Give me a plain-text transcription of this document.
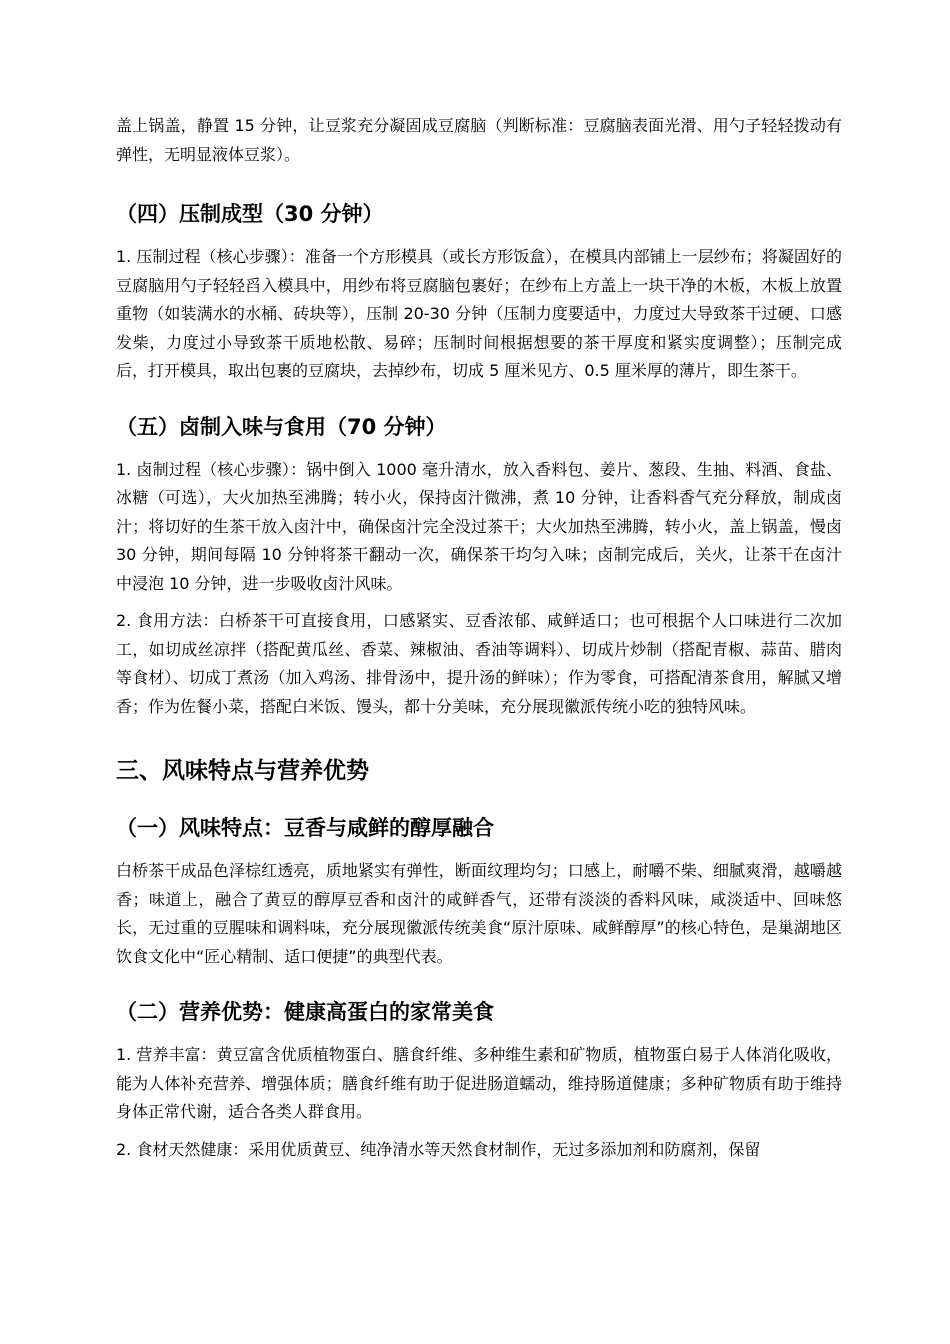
盖上锅盖，静置 15 分钟，让豆浆充分凝固成豆腐脑（判断标准：豆腐脑表面光滑、用勺子轻轻拨动有弹性，无明显液体豆浆）。

（四）压制成型（30 分钟）

1. 压制过程（核心步骤）：准备一个方形模具（或长方形饭盒），在模具内部铺上一层纱布；将凝固好的豆腐脑用勺子轻轻舀入模具中，用纱布将豆腐脑包裹好；在纱布上方盖上一块干净的木板，木板上放置重物（如装满水的水桶、砖块等），压制 20-30 分钟（压制力度要适中，力度过大导致茶干过硬、口感发柴，力度过小导致茶干质地松散、易碎；压制时间根据想要的茶干厚度和紧实度调整）；压制完成后，打开模具，取出包裹的豆腐块，去掉纱布，切成 5 厘米见方、0.5 厘米厚的薄片，即生茶干。

（五）卤制入味与食用（70 分钟）

1. 卤制过程（核心步骤）：锅中倒入 1000 毫升清水，放入香料包、姜片、葱段、生抽、料酒、食盐、冰糖（可选），大火加热至沸腾；转小火，保持卤汁微沸，煮 10 分钟，让香料香气充分释放，制成卤汁；将切好的生茶干放入卤汁中，确保卤汁完全没过茶干；大火加热至沸腾，转小火，盖上锅盖，慢卤 30 分钟，期间每隔 10 分钟将茶干翻动一次，确保茶干均匀入味；卤制完成后，关火，让茶干在卤汁中浸泡 10 分钟，进一步吸收卤汁风味。

2. 食用方法：白桥茶干可直接食用，口感紧实、豆香浓郁、咸鲜适口；也可根据个人口味进行二次加工，如切成丝凉拌（搭配黄瓜丝、香菜、辣椒油、香油等调料）、切成片炒制（搭配青椒、蒜苗、腊肉等食材）、切成丁煮汤（加入鸡汤、排骨汤中，提升汤的鲜味）；作为零食，可搭配清茶食用，解腻又增香；作为佐餐小菜，搭配白米饭、馒头，都十分美味，充分展现徽派传统小吃的独特风味。

三、风味特点与营养优势
（一）风味特点：豆香与咸鲜的醇厚融合

白桥茶干成品色泽棕红透亮，质地紧实有弹性，断面纹理均匀；口感上，耐嚼不柴、细腻爽滑，越嚼越香；味道上，融合了黄豆的醇厚豆香和卤汁的咸鲜香气，还带有淡淡的香料风味，咸淡适中、回味悠长，无过重的豆腥味和调料味，充分展现徽派传统美食“原汁原味、咸鲜醇厚”的核心特色，是巢湖地区饮食文化中“匠心精制、适口便捷”的典型代表。

（二）营养优势：健康高蛋白的家常美食

1. 营养丰富：黄豆富含优质植物蛋白、膳食纤维、多种维生素和矿物质，植物蛋白易于人体消化吸收，能为人体补充营养、增强体质；膳食纤维有助于促进肠道蠕动，维持肠道健康；多种矿物质有助于维持身体正常代谢，适合各类人群食用。

2. 食材天然健康：采用优质黄豆、纯净清水等天然食材制作，无过多添加剂和防腐剂，保留
